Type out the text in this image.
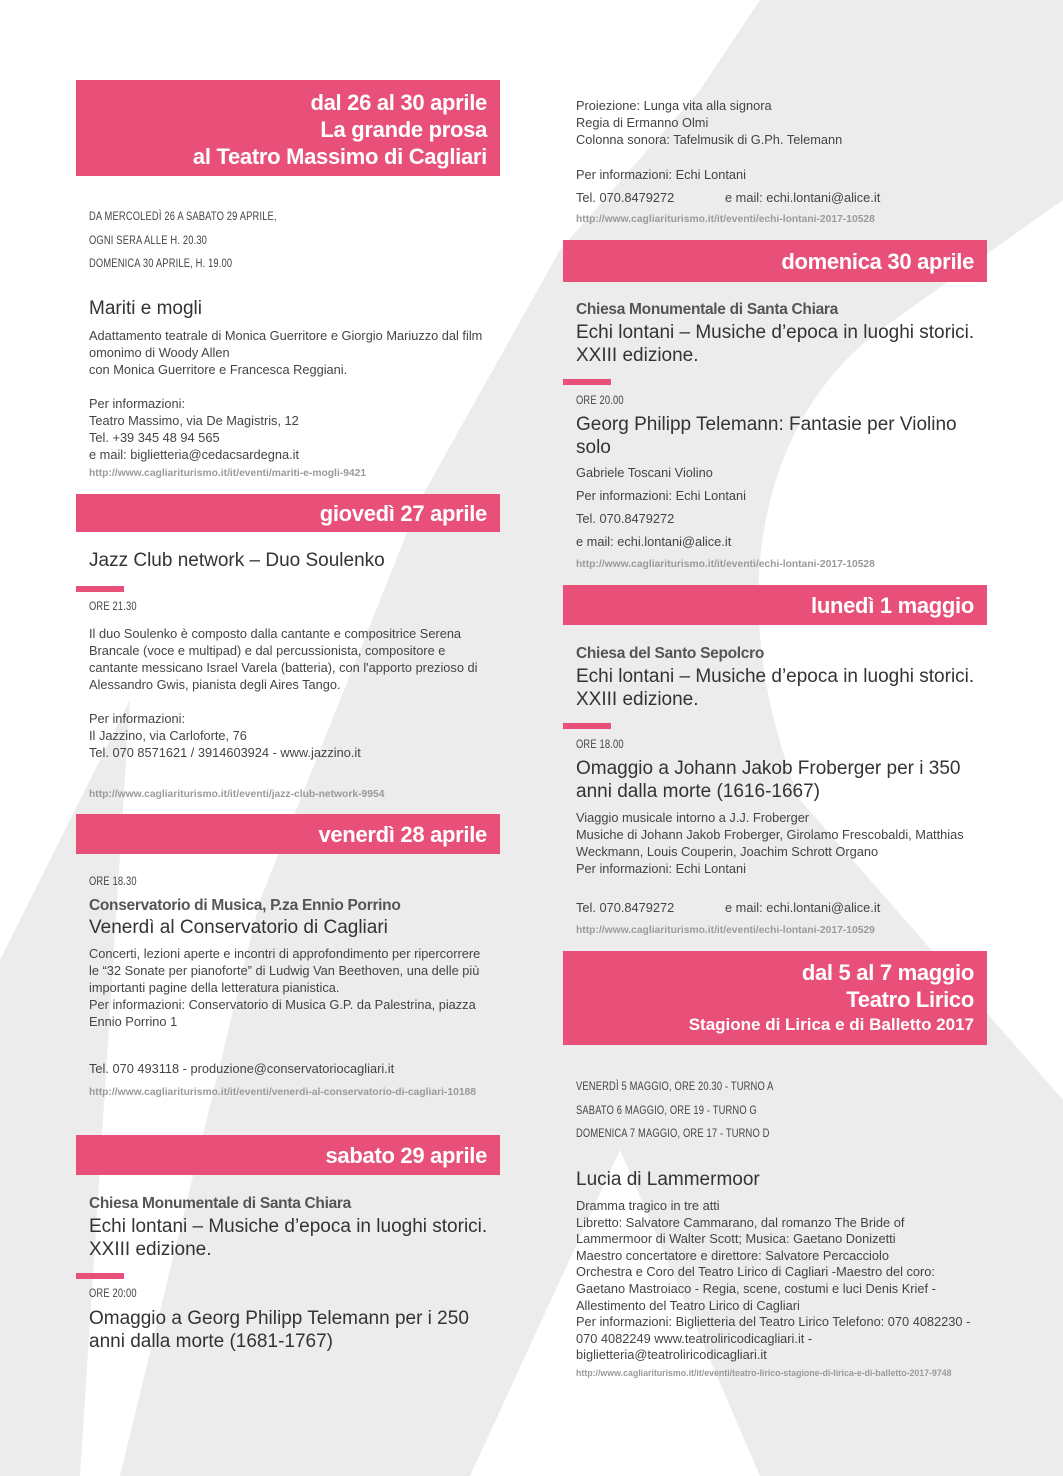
dal 26 al 30 aprile
La grande prosa
al Teatro Massimo di Cagliari
DA MERCOLEDÌ 26 A SABATO 29 APRILE,
OGNI SERA ALLE H. 20.30
DOMENICA 30 APRILE, H. 19.00
Mariti e mogli
Adattamento teatrale di Monica Guerritore e Giorgio Mariuzzo dal film omonimo di Woody Allen
con Monica Guerritore e Francesca Reggiani.

Per informazioni:
Teatro Massimo, via De Magistris, 12
Tel. +39 345 48 94 565
e mail: biglietteria@cedacsardegna.it
http://www.cagliariturismo.it/it/eventi/mariti-e-mogli-9421
giovedì 27 aprile
Jazz Club network – Duo Soulenko
ORE 21.30
Il duo Soulenko è composto dalla cantante e compositrice Serena Brancale (voce e multipad) e dal percussionista, compositore e cantante messicano Israel Varela (batteria), con l'apporto prezioso di Alessandro Gwis, pianista degli Aires Tango.

Per informazioni:
Il Jazzino, via Carloforte, 76
Tel. 070 8571621 / 3914603924 - www.jazzino.it
http://www.cagliariturismo.it/it/eventi/jazz-club-network-9954
venerdì 28 aprile
ORE 18.30
Conservatorio di Musica, P.za Ennio Porrino
Venerdì al Conservatorio di Cagliari
Concerti, lezioni aperte e incontri di approfondimento per ripercorrere le “32 Sonate per pianoforte” di Ludwig Van Beethoven, una delle più importanti pagine della letteratura pianistica.
Per informazioni: Conservatorio di Musica G.P. da Palestrina, piazza Ennio Porrino 1
Tel. 070 493118 - produzione@conservatoriocagliari.it
http://www.cagliariturismo.it/it/eventi/venerdi-al-conservatorio-di-cagliari-10188
sabato 29 aprile
Chiesa Monumentale di Santa Chiara
Echi lontani – Musiche d’epoca in luoghi storici. XXIII edizione.
ORE 20:00
Omaggio a Georg Philipp Telemann per i 250 anni dalla morte (1681-1767)
Proiezione: Lunga vita alla signora
Regia di Ermanno Olmi
Colonna sonora: Tafelmusik di G.Ph. Telemann
Per informazioni: Echi Lontani
Tel. 070.8479272	e mail: echi.lontani@alice.it
http://www.cagliariturismo.it/it/eventi/echi-lontani-2017-10528
domenica 30 aprile
Chiesa Monumentale di Santa Chiara
Echi lontani – Musiche d’epoca in luoghi storici. XXIII edizione.
ORE 20.00
Georg Philipp Telemann: Fantasie per Violino solo
Gabriele Toscani Violino
Per informazioni: Echi Lontani
Tel. 070.8479272
e mail: echi.lontani@alice.it
http://www.cagliariturismo.it/it/eventi/echi-lontani-2017-10528
lunedì 1 maggio
Chiesa del Santo Sepolcro
Echi lontani – Musiche d’epoca in luoghi storici. XXIII edizione.
ORE 18.00
Omaggio a Johann Jakob Froberger per i 350 anni dalla morte (1616-1667)
Viaggio musicale intorno a J.J. Froberger
Musiche di Johann Jakob Froberger, Girolamo Frescobaldi, Matthias Weckmann, Louis Couperin, Joachim Schrott Organo
Per informazioni: Echi Lontani
Tel. 070.8479272	e mail: echi.lontani@alice.it
http://www.cagliariturismo.it/it/eventi/echi-lontani-2017-10529
dal 5 al 7 maggio
Teatro Lirico
Stagione di Lirica e di Balletto 2017
VENERDÌ 5 MAGGIO, ORE 20.30 - TURNO A
SABATO 6 MAGGIO, ORE 19 - TURNO G
DOMENICA 7 MAGGIO, ORE 17 - TURNO D
Lucia di Lammermoor
Dramma tragico in tre atti
Libretto: Salvatore Cammarano, dal romanzo The Bride of Lammermoor di Walter Scott; Musica: Gaetano Donizetti
Maestro concertatore e direttore: Salvatore Percacciolo
Orchestra e Coro del Teatro Lirico di Cagliari -Maestro del coro: Gaetano Mastroiaco - Regia, scene, costumi e luci Denis Krief -Allestimento del Teatro Lirico di Cagliari
Per informazioni: Biglietteria del Teatro Lirico Telefono: 070 4082230 - 070 4082249 www.teatroliricodicagliari.it - biglietteria@teatroliricodicagliari.it
http://www.cagliariturismo.it/it/eventi/teatro-lirico-stagione-di-lirica-e-di-balletto-2017-9748
